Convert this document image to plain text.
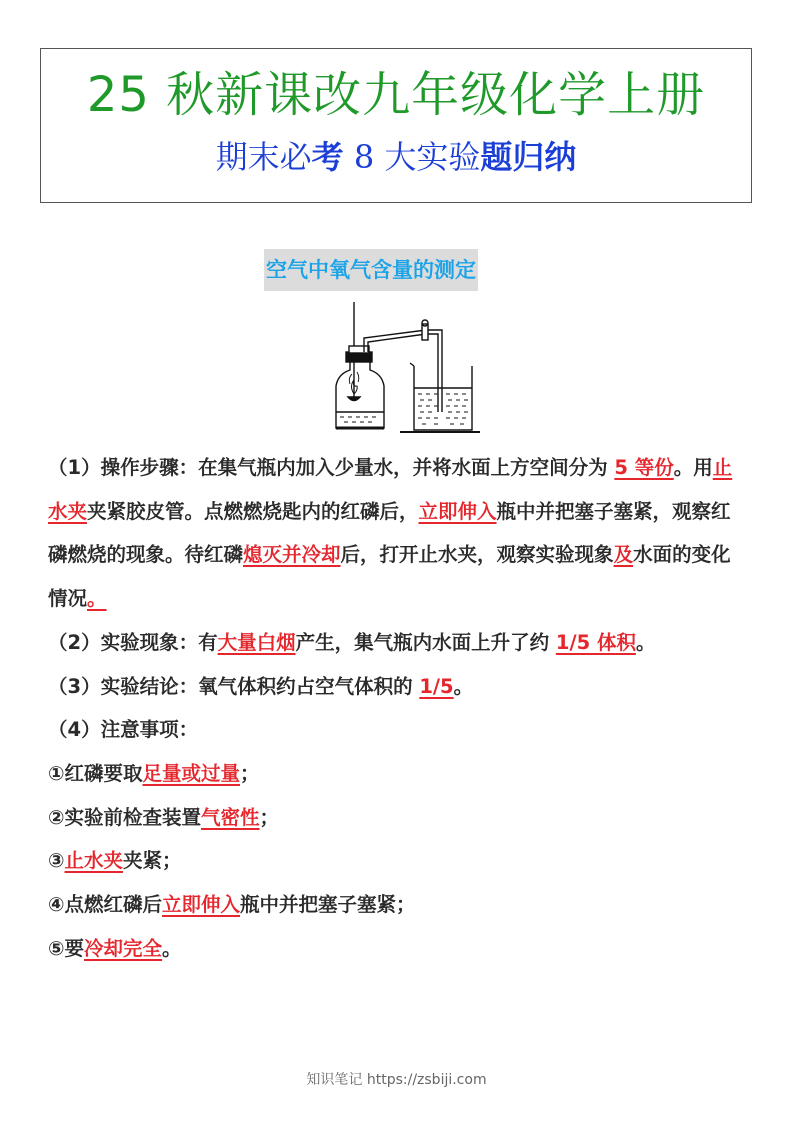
25 秋新课改九年级化学上册
期末必考 8 大实验题归纳
空气中氧气含量的测定

（1）操作步骤：在集气瓶内加入少量水，并将水面上方空间分为 5 等份。用止水夹夹紧胶皮管。点燃燃烧匙内的红磷后，立即伸入瓶中并把塞子塞紧，观察红磷燃烧的现象。待红磷熄灭并冷却后，打开止水夹，观察实验现象及水面的变化情况。

（2）实验现象：有大量白烟产生，集气瓶内水面上升了约 1/5 体积。

（3）实验结论：氧气体积约占空气体积的 1/5。

（4）注意事项：

①红磷要取足量或过量；

②实验前检查装置气密性；

③止水夹夹紧；

④点燃红磷后立即伸入瓶中并把塞子塞紧；

⑤要冷却完全。

知识笔记 https://zsbiji.com
